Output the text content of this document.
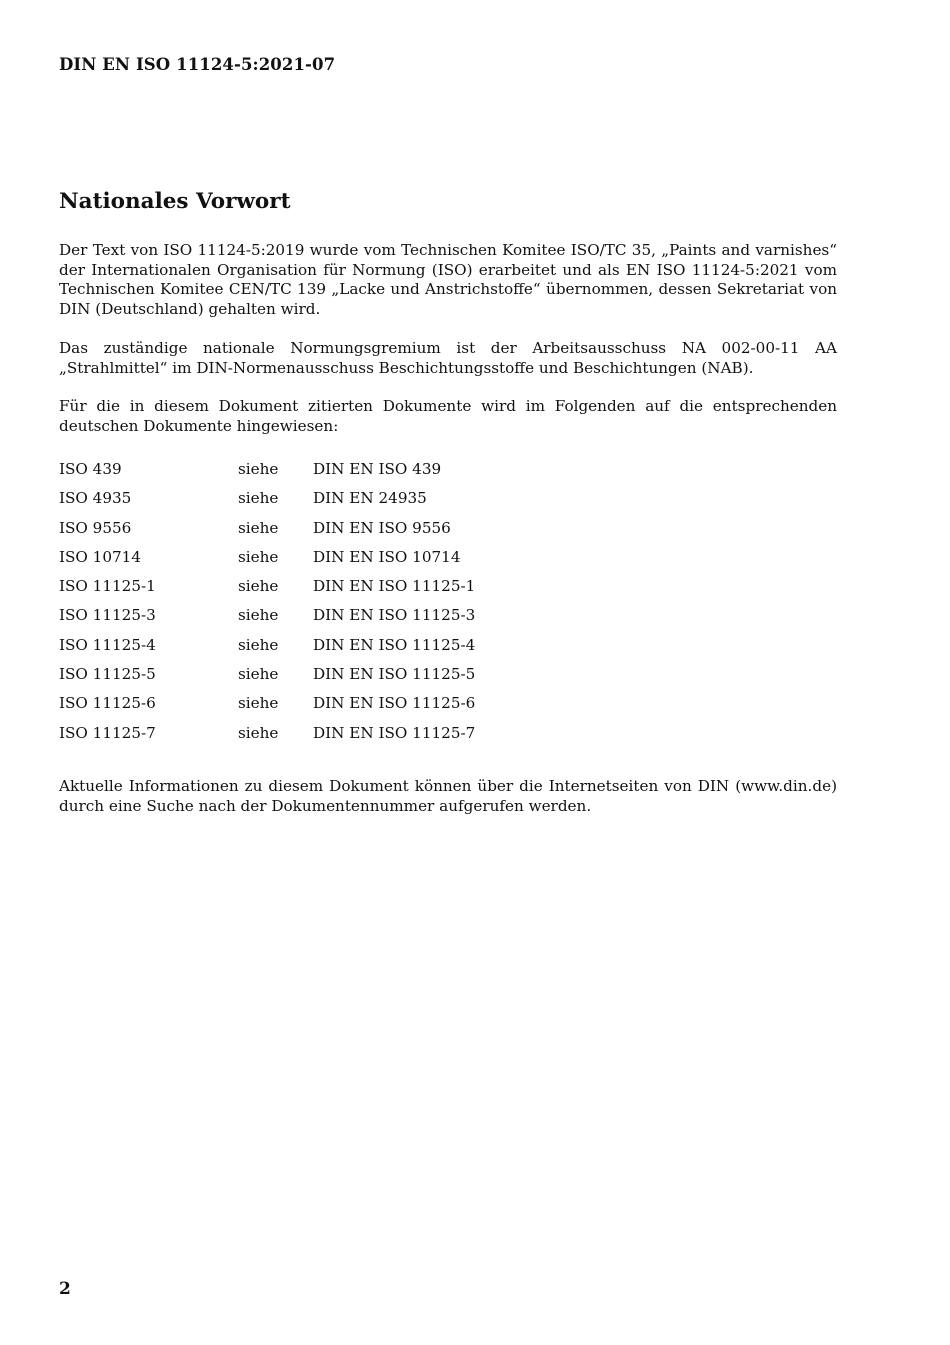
DIN EN ISO 11124-5:2021-07
Nationales Vorwort

Der Text von ISO 11124-5:2019 wurde vom Technischen Komitee ISO/TC 35, „Paints and varnishes“ der Internationalen Organisation für Normung (ISO) erarbeitet und als EN ISO 11124-5:2021 vom Technischen Komitee CEN/TC 139 „Lacke und Anstrichstoffe“ übernommen, dessen Sekretariat von DIN (Deutschland) gehalten wird.

Das zuständige nationale Normungsgremium ist der Arbeitsausschuss NA 002-00-11 AA „Strahlmittel“ im DIN-Normenausschuss Beschichtungsstoffe und Beschichtungen (NAB).

Für die in diesem Dokument zitierten Dokumente wird im Folgenden auf die entsprechenden deutschen Dokumente hingewiesen:

ISO 439	siehe DIN EN ISO 439
ISO 4935	siehe DIN EN 24935
ISO 9556	siehe DIN EN ISO 9556
ISO 10714	siehe DIN EN ISO 10714
ISO 11125-1	siehe DIN EN ISO 11125-1
ISO 11125-3	siehe DIN EN ISO 11125-3
ISO 11125-4	siehe DIN EN ISO 11125-4
ISO 11125-5	siehe DIN EN ISO 11125-5
ISO 11125-6	siehe DIN EN ISO 11125-6
ISO 11125-7	siehe DIN EN ISO 11125-7

Aktuelle Informationen zu diesem Dokument können über die Internetseiten von DIN (www.din.de) durch eine Suche nach der Dokumentennummer aufgerufen werden.

2
